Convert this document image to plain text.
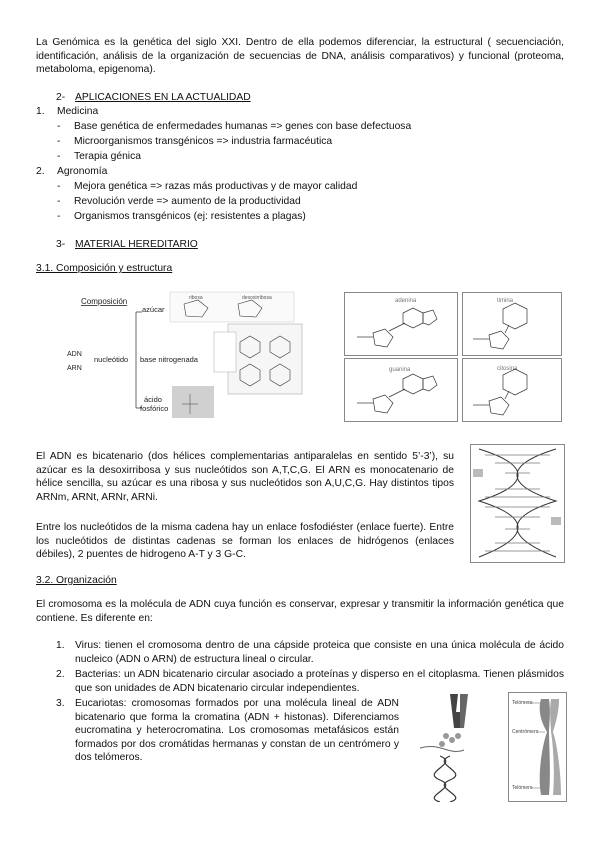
La Genómica es la genética del siglo XXI. Dentro de ella podemos diferenciar, la estructural ( secuenciación, identificación, análisis de la organización de secuencias de DNA, análisis comparativos) y funcional (proteoma, metaboloma, epigenoma).
2- APLICACIONES EN LA ACTUALIDAD
1. Medicina
- Base genética de enfermedades humanas => genes con base defectuosa
- Microorganismos transgénicos => industria farmacéutica
- Terapia génica
2. Agronomía
- Mejora genética => razas más productivas y de mayor calidad
- Revolución verde => aumento de la productividad
- Organismos transgénicos (ej: resistentes a plagas)
3- MATERIAL HEREDITARIO
3.1. Composición y estructura
Composición
azúcar
ADN
ARN
nucleótido base nitrogenada
ácido
fosfórico
ribosa	desoxirribosa	adenina	timina
guanina	citosina
El ADN es bicatenario (dos hélices complementarias antiparalelas en sentido 5’-3’), su azúcar es la desoxirribosa y sus nucleótidos son A,T,C,G. El ARN es monocatenario de hélice sencilla, su azúcar es una ribosa y sus nucleótidos son A,U,C,G. Hay distintos tipos ARNm, ARNt, ARNr, ARNi.
Entre los nucleótidos de la misma cadena hay un enlace fosfodiéster (enlace fuerte). Entre los nucleótidos de distintas cadenas se forman los enlaces de hidrógenos (enlaces débiles), 2 puentes de hidrogeno A-T y 3 G-C.
3.2. Organización
El cromosoma es la molécula de ADN cuya función es conservar, expresar y transmitir la información genética que contiene. Es diferente en:
1. Virus: tienen el cromosoma dentro de una cápside proteica que consiste en una única molécula de ácido nucleico (ADN o ARN) de estructura lineal o circular.
2. Bacterias: un ADN bicatenario circular asociado a proteínas y disperso en el citoplasma. Tienen plásmidos que son unidades de ADN bicatenario circular independientes.
3. Eucariotas: cromosomas formados por una molécula lineal de ADN bicatenario que forma la cromatina (ADN + histonas). Diferenciamos eucromatina y heterocromatina. Los cromosomas metafásicos están formados por dos cromátidas hermanas y constan de un centrómero y dos telómeros.
Telómero
Centrómero
Telómero
